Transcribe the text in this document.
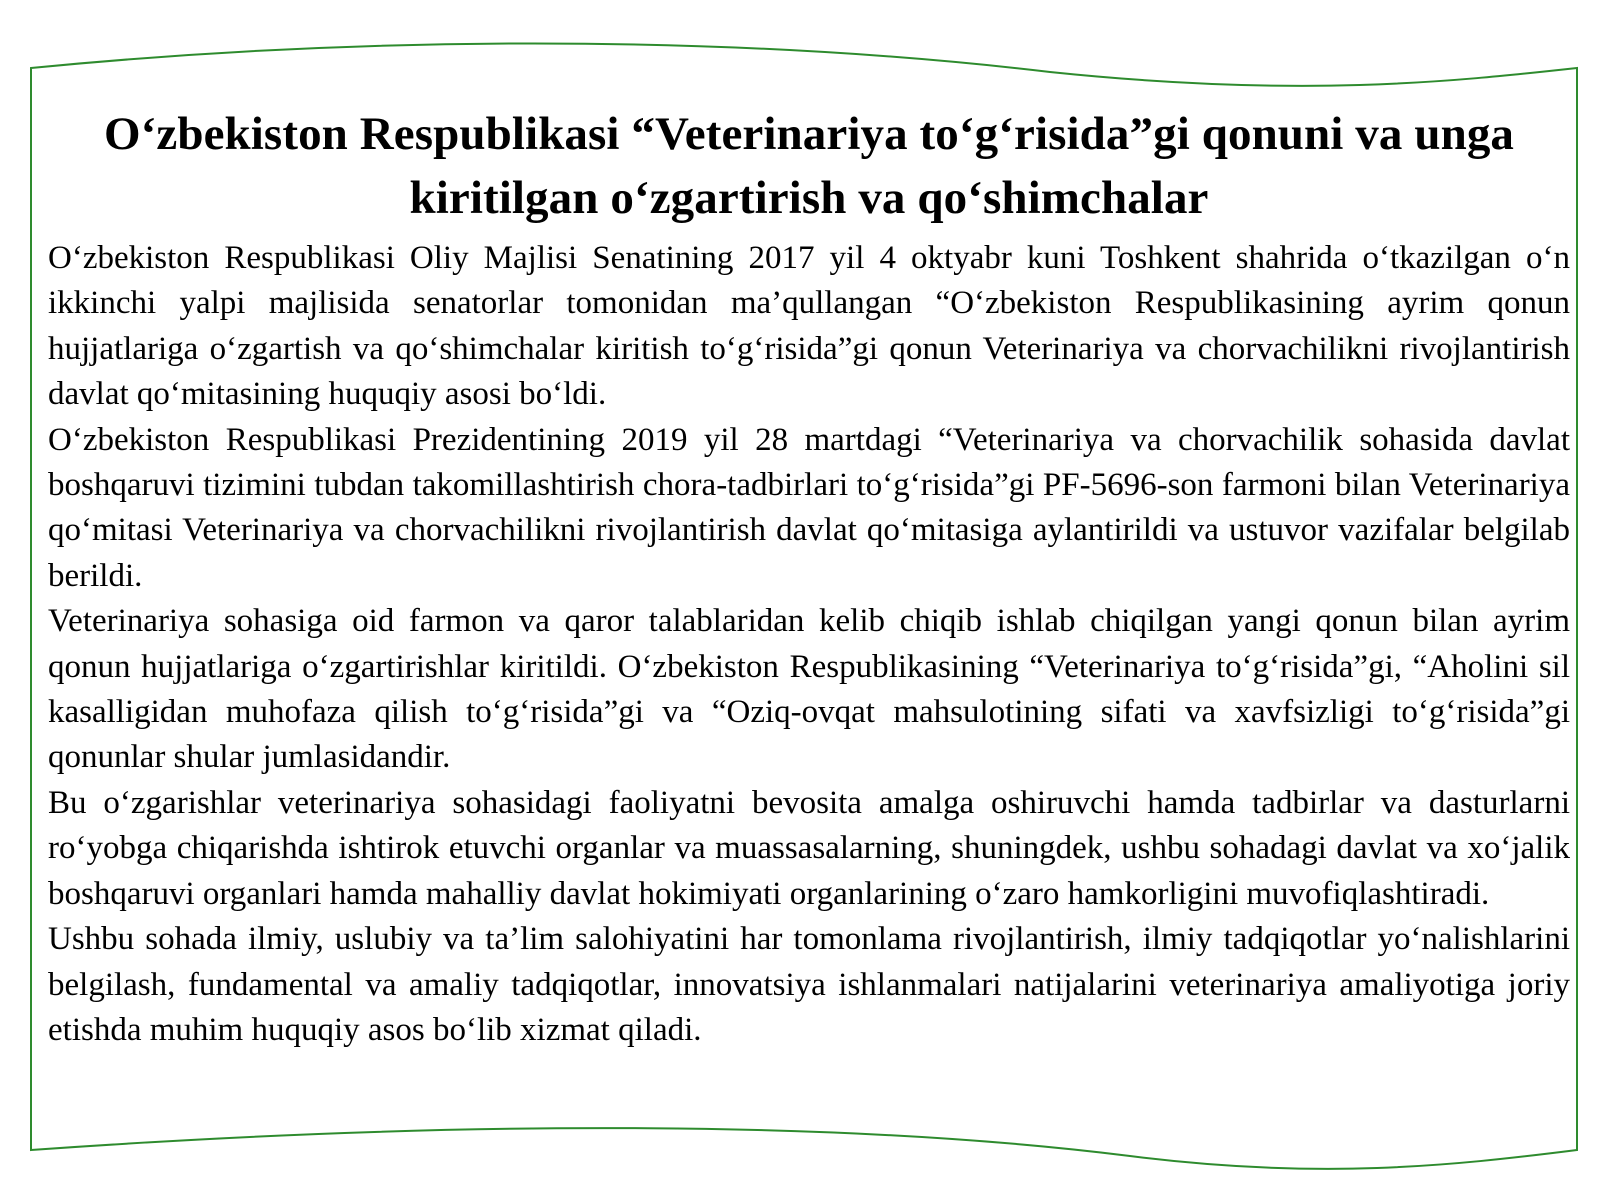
O‘zbekiston Respublikasi “Veterinariya to‘g‘risida”gi qonuni va unga kiritilgan o‘zgartirish va qo‘shimchalar

O‘zbekiston Respublikasi Oliy Majlisi Senatining 2017 yil 4 oktyabr kuni Toshkent shahrida o‘tkazilgan o‘n ikkinchi yalpi majlisida senatorlar tomonidan ma’qullangan “O‘zbekiston Respublikasining ayrim qonun hujjatlariga o‘zgartish va qo‘shimchalar kiritish to‘g‘risida”gi qonun Veterinariya va chorvachilikni rivojlantirish davlat qo‘mitasining huquqiy asosi bo‘ldi.

O‘zbekiston Respublikasi Prezidentining 2019 yil 28 martdagi “Veterinariya va chorvachilik sohasida davlat boshqaruvi tizimini tubdan takomillashtirish chora-tadbirlari to‘g‘risida”gi PF-5696-son farmoni bilan Veterinariya qo‘mitasi Veterinariya va chorvachilikni rivojlantirish davlat qo‘mitasiga aylantirildi va ustuvor vazifalar belgilab berildi.

Veterinariya sohasiga oid farmon va qaror talablaridan kelib chiqib ishlab chiqilgan yangi qonun bilan ayrim qonun hujjatlariga o‘zgartirishlar kiritildi. O‘zbekiston Respublikasining “Veterinariya to‘g‘risida”gi, “Aholini sil kasalligidan muhofaza qilish to‘g‘risida”gi va “Oziq-ovqat mahsulotining sifati va xavfsizligi to‘g‘risida”gi qonunlar shular jumlasidandir.

Bu o‘zgarishlar veterinariya sohasidagi faoliyatni bevosita amalga oshiruvchi hamda tadbirlar va dasturlarni ro‘yobga chiqarishda ishtirok etuvchi organlar va muassasalarning, shuningdek, ushbu sohadagi davlat va xo‘jalik boshqaruvi organlari hamda mahalliy davlat hokimiyati organlarining o‘zaro hamkorligini muvofiqlashtiradi.

Ushbu sohada ilmiy, uslubiy va ta’lim salohiyatini har tomonlama rivojlantirish, ilmiy tadqiqotlar yo‘nalishlarini belgilash, fundamental va amaliy tadqiqotlar, innovatsiya ishlanmalari natijalarini veterinariya amaliyotiga joriy etishda muhim huquqiy asos bo‘lib xizmat qiladi.
